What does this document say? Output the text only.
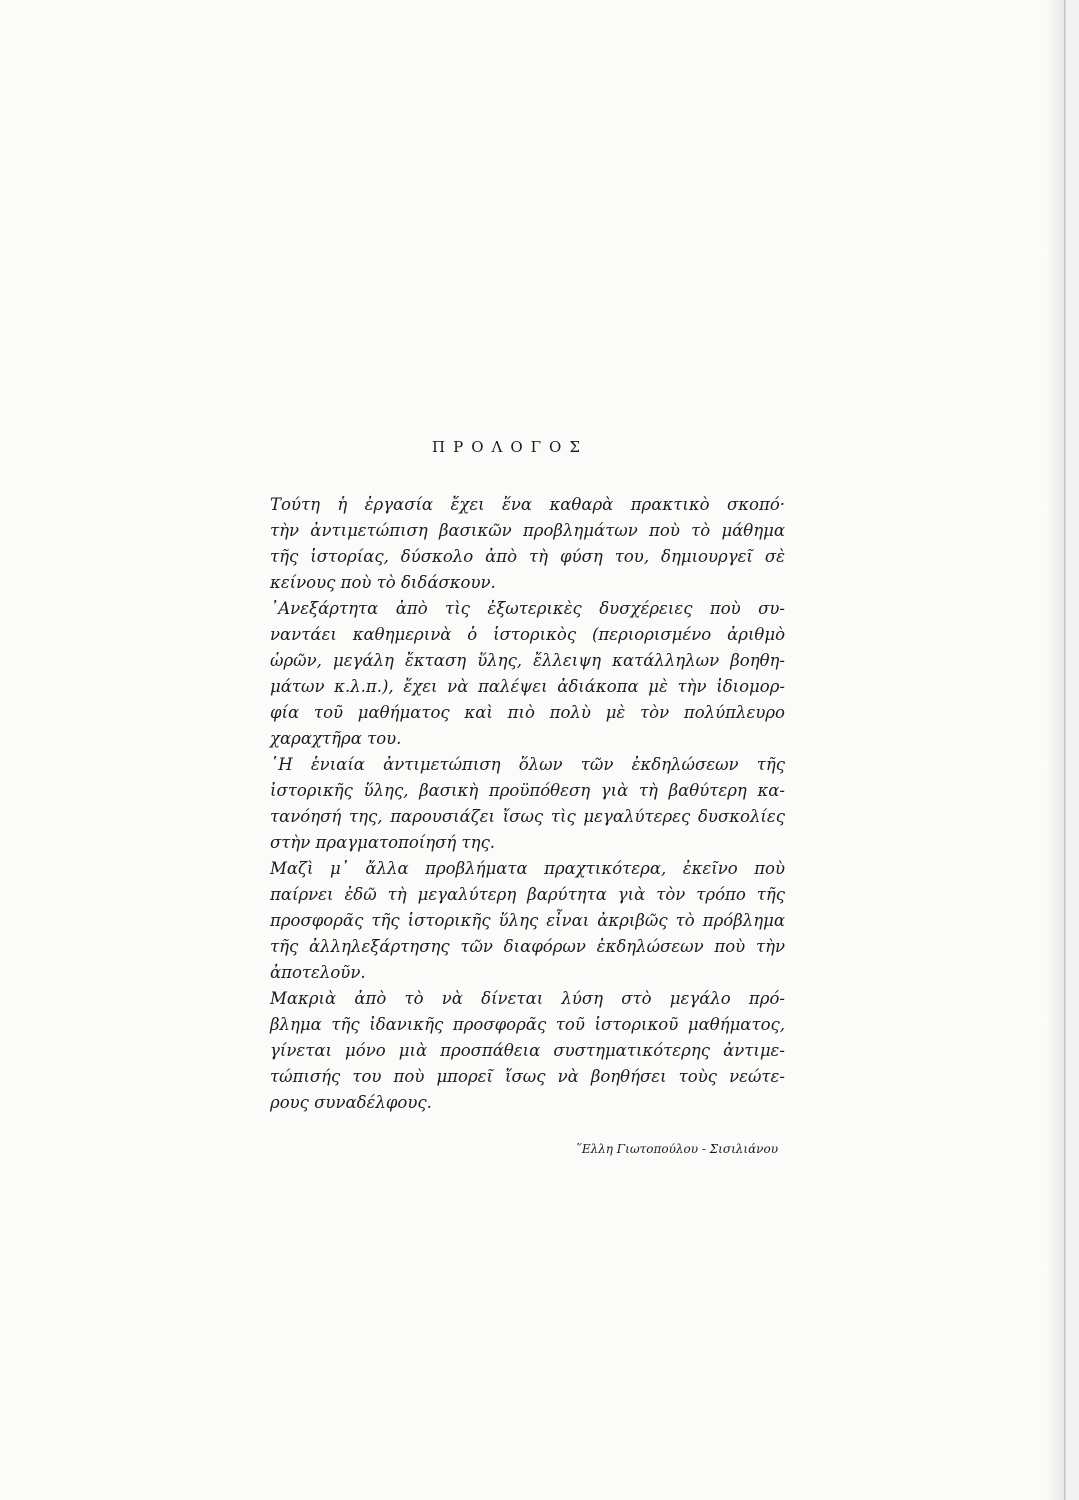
ΠΡΟΛΟΓΟΣ
Τούτη ἡ ἐργασία ἔχει ἕνα καθαρὰ πρακτικὸ σκοπό·
τὴν ἀντιμετώπιση βασικῶν προβλημάτων ποὺ τὸ μάθημα
τῆς ἱστορίας, δύσκολο ἀπὸ τὴ φύση του, δημιουργεῖ σὲ
κείνους ποὺ τὸ διδάσκουν.
᾿Ανεξάρτητα ἀπὸ τὶς ἐξωτερικὲς δυσχέρειες ποὺ συ-
ναντάει καθημερινὰ ὁ ἱστορικὸς (περιορισμένο ἀριθμὸ
ὡρῶν, μεγάλη ἔκταση ὕλης, ἔλλειψη κατάλληλων βοηθη-
μάτων κ.λ.π.), ἔχει νὰ παλέψει ἀδιάκοπα μὲ τὴν ἰδιομορ-
φία τοῦ μαθήματος καὶ πιὸ πολὺ μὲ τὸν πολύπλευρο
χαραχτῆρα του.
῾Η ἑνιαία ἀντιμετώπιση ὅλων τῶν ἐκδηλώσεων τῆς
ἱστορικῆς ὕλης, βασικὴ προϋπόθεση γιὰ τὴ βαθύτερη κα-
τανόησή της, παρουσιάζει ἴσως τὶς μεγαλύτερες δυσκολίες
στὴν πραγματοποίησή της.
Μαζὶ μ᾿ ἄλλα προβλήματα πραχτικότερα, ἐκεῖνο ποὺ
παίρνει ἐδῶ τὴ μεγαλύτερη βαρύτητα γιὰ τὸν τρόπο τῆς
προσφορᾶς τῆς ἱστορικῆς ὕλης εἶναι ἀκριβῶς τὸ πρόβλημα
τῆς ἀλληλεξάρτησης τῶν διαφόρων ἐκδηλώσεων ποὺ τὴν
ἀποτελοῦν.
Μακριὰ ἀπὸ τὸ νὰ δίνεται λύση στὸ μεγάλο πρό-
βλημα τῆς ἰδανικῆς προσφορᾶς τοῦ ἱστορικοῦ μαθήματος,
γίνεται μόνο μιὰ προσπάθεια συστηματικότερης ἀντιμε-
τώπισής του ποὺ μπορεῖ ἴσως νὰ βοηθήσει τοὺς νεώτε-
ρους συναδέλφους.
῞Ελλη Γιωτοπούλου - Σισιλιάνου
